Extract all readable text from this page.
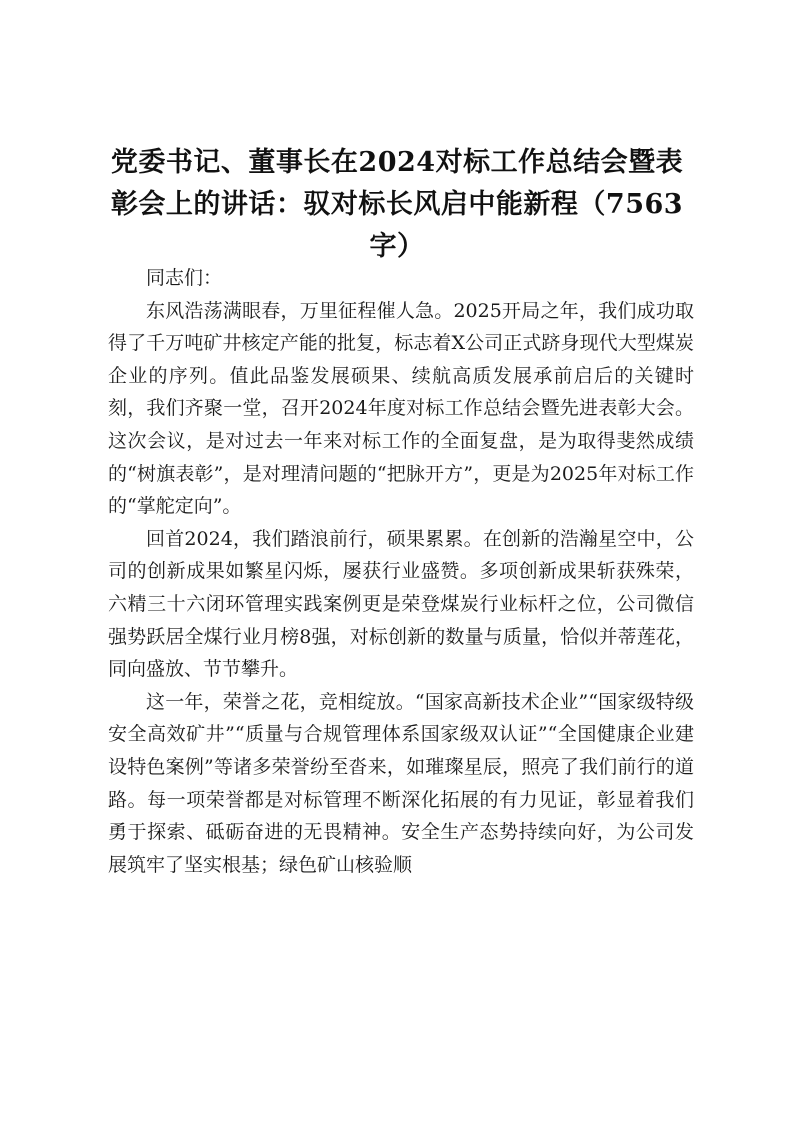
党委书记、董事长在2024对标工作总结会暨表彰会上的讲话：驭对标长风启中能新程（7563字）

同志们：

东风浩荡满眼春，万里征程催人急。2025开局之年，我们成功取得了千万吨矿井核定产能的批复，标志着X公司正式跻身现代大型煤炭企业的序列。值此品鉴发展硕果、续航高质发展承前启后的关键时刻，我们齐聚一堂，召开2024年度对标工作总结会暨先进表彰大会。这次会议，是对过去一年来对标工作的全面复盘，是为取得斐然成绩的“树旗表彰”，是对理清问题的“把脉开方”，更是为2025年对标工作的“掌舵定向”。

回首2024，我们踏浪前行，硕果累累。在创新的浩瀚星空中，公司的创新成果如繁星闪烁，屡获行业盛赞。多项创新成果斩获殊荣，六精三十六闭环管理实践案例更是荣登煤炭行业标杆之位，公司微信强势跃居全煤行业月榜8强，对标创新的数量与质量，恰似并蒂莲花，同向盛放、节节攀升。

这一年，荣誉之花，竞相绽放。“国家高新技术企业”“国家级特级安全高效矿井”“质量与合规管理体系国家级双认证”“全国健康企业建设特色案例”等诸多荣誉纷至沓来，如璀璨星辰，照亮了我们前行的道路。每一项荣誉都是对标管理不断深化拓展的有力见证，彰显着我们勇于探索、砥砺奋进的无畏精神。安全生产态势持续向好，为公司发展筑牢了坚实根基；绿色矿山核验顺
